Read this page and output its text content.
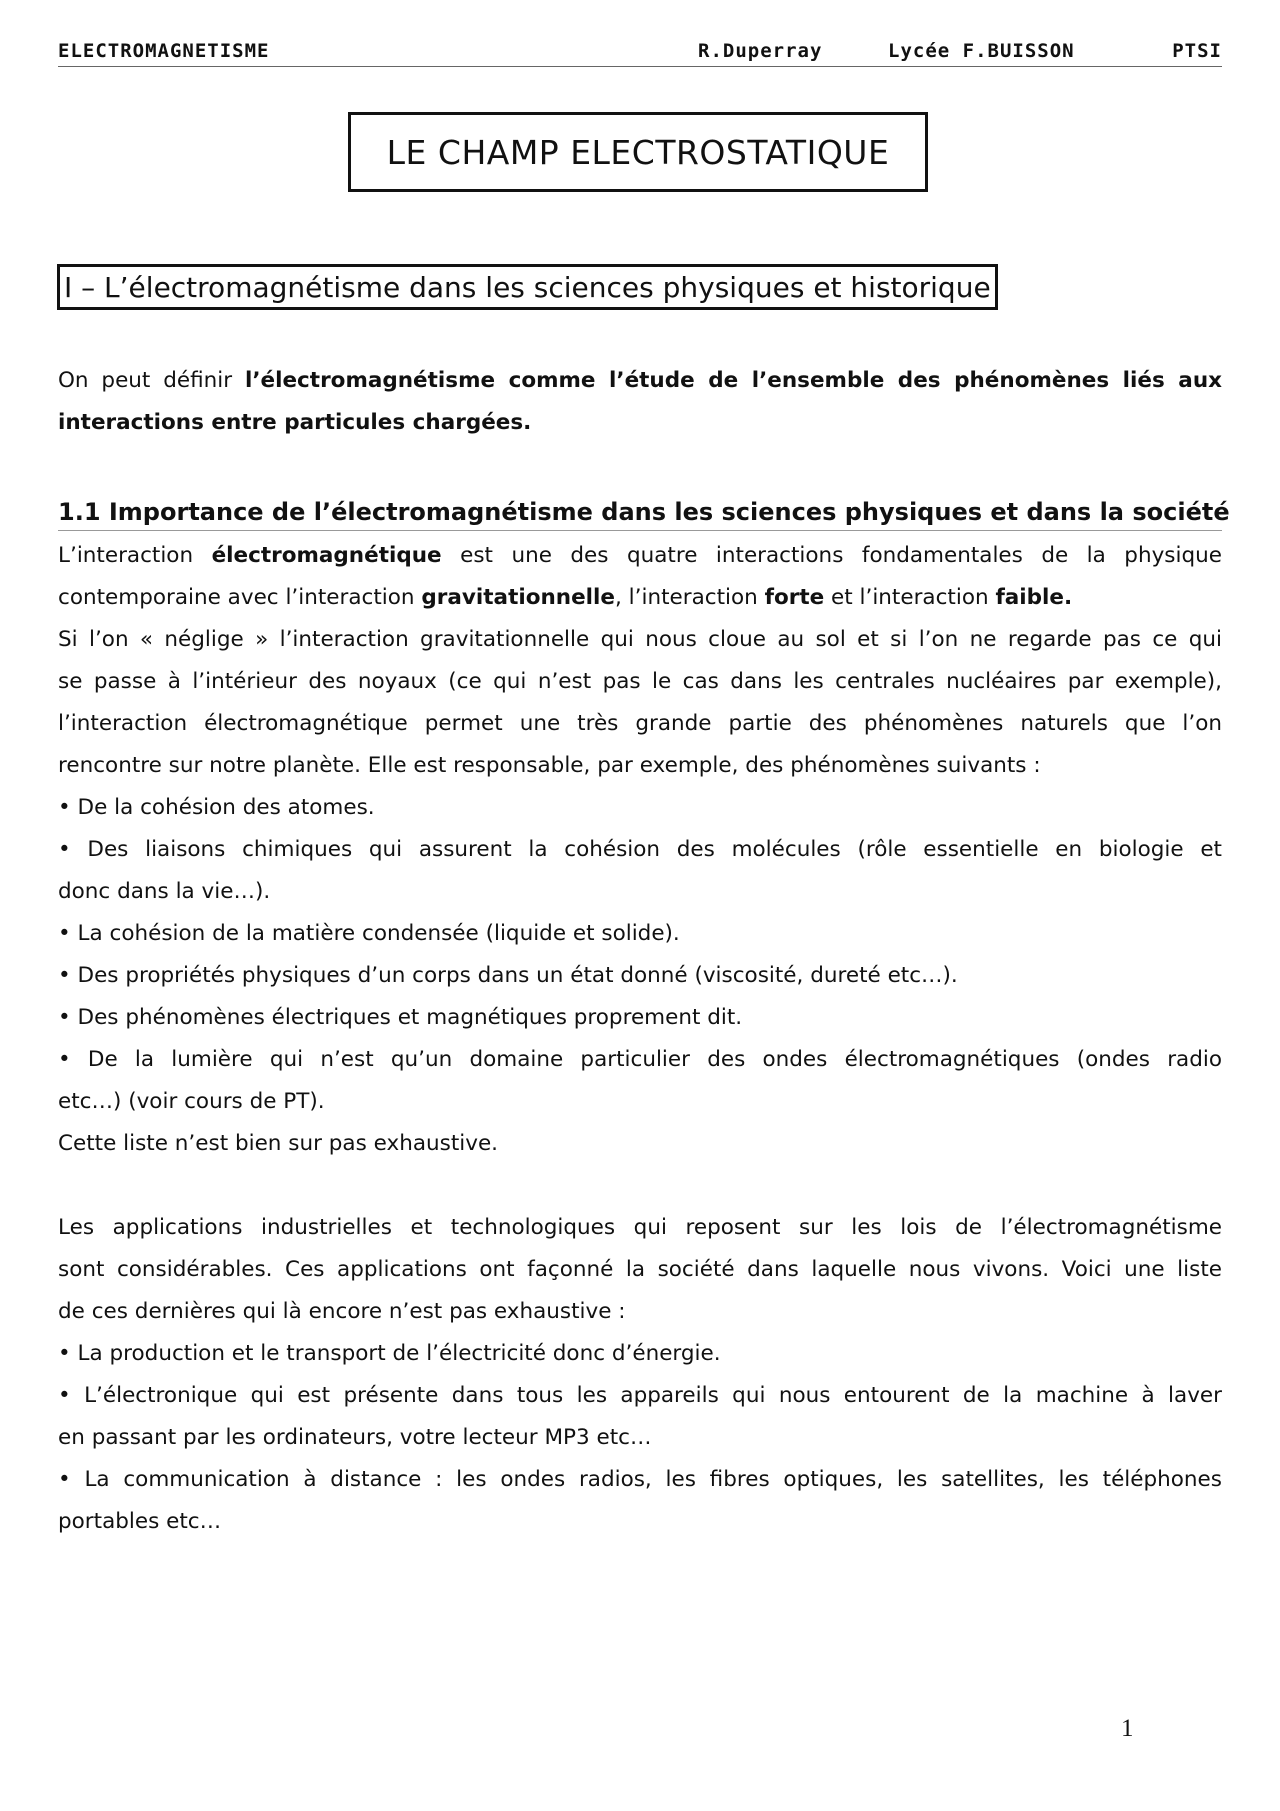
ELECTROMAGNETISME	R.Duperray	Lycée F.BUISSON	PTSI
LE CHAMP ELECTROSTATIQUE
I – L’électromagnétisme dans les sciences physiques et historique
On peut définir l’électromagnétisme comme l’étude de l’ensemble des phénomènes liés aux
interactions entre particules chargées.
1.1 Importance de l’électromagnétisme dans les sciences physiques et dans la société
L’interaction électromagnétique est une des quatre interactions fondamentales de la physique
contemporaine avec l’interaction gravitationnelle, l’interaction forte et l’interaction faible.
Si l’on « néglige » l’interaction gravitationnelle qui nous cloue au sol et si l’on ne regarde pas ce qui
se passe à l’intérieur des noyaux (ce qui n’est pas le cas dans les centrales nucléaires par exemple),
l’interaction électromagnétique permet une très grande partie des phénomènes naturels que l’on
rencontre sur notre planète. Elle est responsable, par exemple, des phénomènes suivants :
• De la cohésion des atomes.
• Des liaisons chimiques qui assurent la cohésion des molécules (rôle essentielle en biologie et
donc dans la vie…).
• La cohésion de la matière condensée (liquide et solide).
• Des propriétés physiques d’un corps dans un état donné (viscosité, dureté etc…).
• Des phénomènes électriques et magnétiques proprement dit.
• De la lumière qui n’est qu’un domaine particulier des ondes électromagnétiques (ondes radio
etc…) (voir cours de PT).
Cette liste n’est bien sur pas exhaustive.
Les applications industrielles et technologiques qui reposent sur les lois de l’électromagnétisme
sont considérables. Ces applications ont façonné la société dans laquelle nous vivons. Voici une liste
de ces dernières qui là encore n’est pas exhaustive :
• La production et le transport de l’électricité donc d’énergie.
• L’électronique qui est présente dans tous les appareils qui nous entourent de la machine à laver
en passant par les ordinateurs, votre lecteur MP3 etc…
• La communication à distance : les ondes radios, les fibres optiques, les satellites, les téléphones
portables etc…
1
